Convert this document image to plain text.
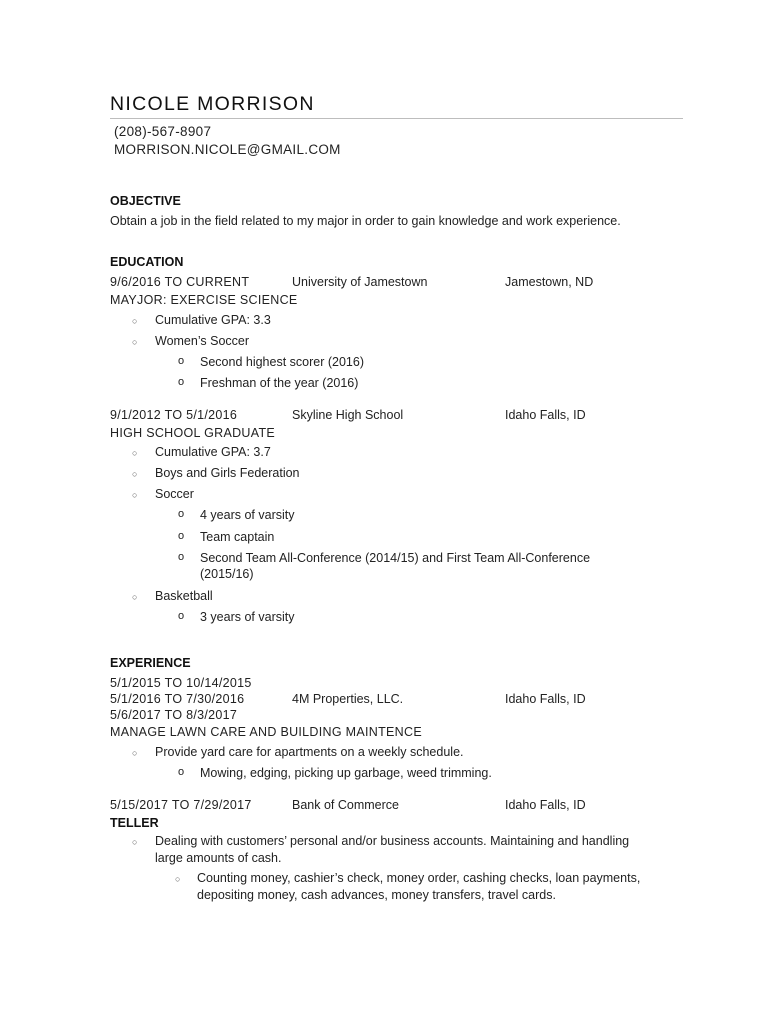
NICOLE MORRISON
(208)-567-8907
MORRISON.NICOLE@GMAIL.COM
OBJECTIVE
Obtain a job in the field related to my major in order to gain knowledge and work experience.
EDUCATION
9/6/2016 TO CURRENT	University of Jamestown	Jamestown, ND
MAYJOR: EXERCISE SCIENCE
○ Cumulative GPA: 3.3
○ Women’s Soccer
o Second highest scorer (2016)
o Freshman of the year (2016)
9/1/2012 TO 5/1/2016	Skyline High School	Idaho Falls, ID
HIGH SCHOOL GRADUATE
○ Cumulative GPA: 3.7
○ Boys and Girls Federation
○ Soccer
o 4 years of varsity
o Team captain
o Second Team All-Conference (2014/15) and First Team All-Conference
(2015/16)
○ Basketball
o 3 years of varsity
EXPERIENCE
5/1/2015 TO 10/14/2015
5/1/2016 TO 7/30/2016	4M Properties, LLC.	Idaho Falls, ID
5/6/2017 TO 8/3/2017
MANAGE LAWN CARE AND BUILDING MAINTENCE
○ Provide yard care for apartments on a weekly schedule.
o Mowing, edging, picking up garbage, weed trimming.
5/15/2017 TO 7/29/2017	Bank of Commerce	Idaho Falls, ID
TELLER
○ Dealing with customers’ personal and/or business accounts. Maintaining and handling
large amounts of cash.
○ Counting money, cashier’s check, money order, cashing checks, loan payments,
depositing money, cash advances, money transfers, travel cards.
